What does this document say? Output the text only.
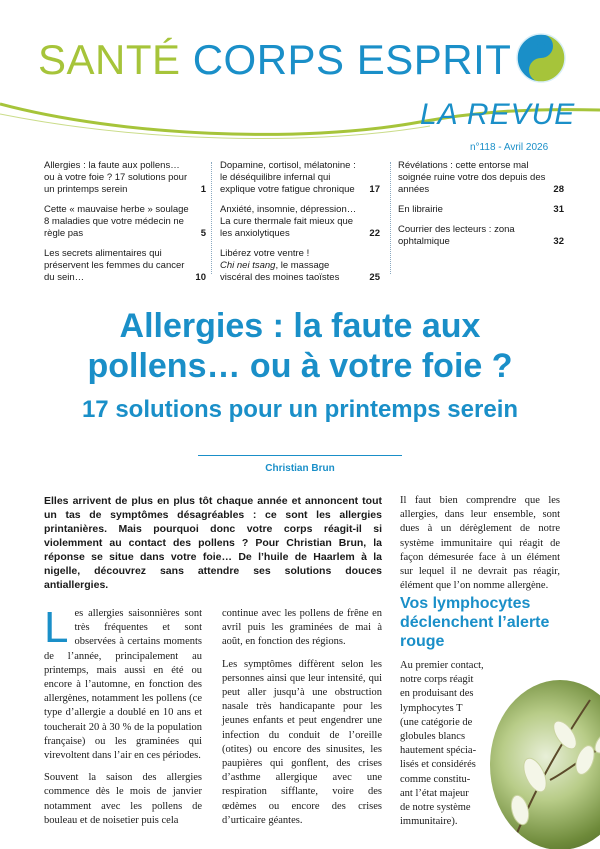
SANTÉ CORPS ESPRIT
LA REVUE
n°118 - Avril 2026
Allergies : la faute aux pollens… ou à votre foie ? 17 solutions pour un printemps serein	1
Cette « mauvaise herbe » soulage 8 maladies que votre médecin ne règle pas	5
Les secrets alimentaires qui préservent les femmes du cancer du sein…	10
Dopamine, cortisol, mélatonine : le déséquilibre infernal qui explique votre fatigue chronique 17
Anxiété, insomnie, dépression… La cure thermale fait mieux que les anxiolytiques	22
Libérez votre ventre !
Chi nei tsang, le massage viscéral des moines taoïstes	25
Révélations : cette entorse mal soignée ruine votre dos depuis des années	28
En librairie	31
Courrier des lecteurs : zona ophtalmique	32
Allergies : la faute aux
pollens… ou à votre foie ?
17 solutions pour un printemps serein
Christian Brun
Elles arrivent de plus en plus tôt chaque année et annoncent tout un tas de symptômes désagréables : ce sont les allergies printanières. Mais pourquoi donc votre corps réagit-il si violemment au contact des pollens ? Pour Christian Brun, la réponse se situe dans votre foie… De l’huile de Haarlem à la nigelle, découvrez sans attendre ses solutions douces antiallergies.

Les allergies saisonnières sont très fréquentes et sont observées à certains moments de l’année, principalement au printemps, mais aussi en été ou encore à l’automne, en fonction des allergènes, notamment les pollens (ce type d’allergie a doublé en 10 ans et toucherait 20 à 30 % de la population française) ou les graminées qui virevoltent dans l’air en ces périodes.

Souvent la saison des allergies commence dès le mois de janvier notamment avec les pollens de bouleau et de noisetier puis cela

continue avec les pollens de frêne en avril puis les graminées de mai à août, en fonction des régions.

Les symptômes diffèrent selon les personnes ainsi que leur intensité, qui peut aller jusqu’à une obstruction nasale très handicapante pour les jeunes enfants et peut engendrer une infection du conduit de l’oreille (otites) ou encore des sinusites, les paupières qui gonflent, des crises d’asthme allergique avec une respiration sifflante, voire des œdèmes ou encore des crises d’urticaire géantes.

Il faut bien comprendre que les allergies, dans leur ensemble, sont dues à un dérèglement de notre système immunitaire qui réagit de façon démesurée face à un élément sur lequel il ne devrait pas réagir, élément que l’on nomme allergène.

Vos lymphocytes déclenchent l’alerte rouge
Au premier contact,
notre corps réagit
en produisant des
lymphocytes T
(une catégorie de
globules blancs
hautement spécia-
lisés et considérés
comme constitu-
ant l’état majeur
de notre système
immunitaire).
